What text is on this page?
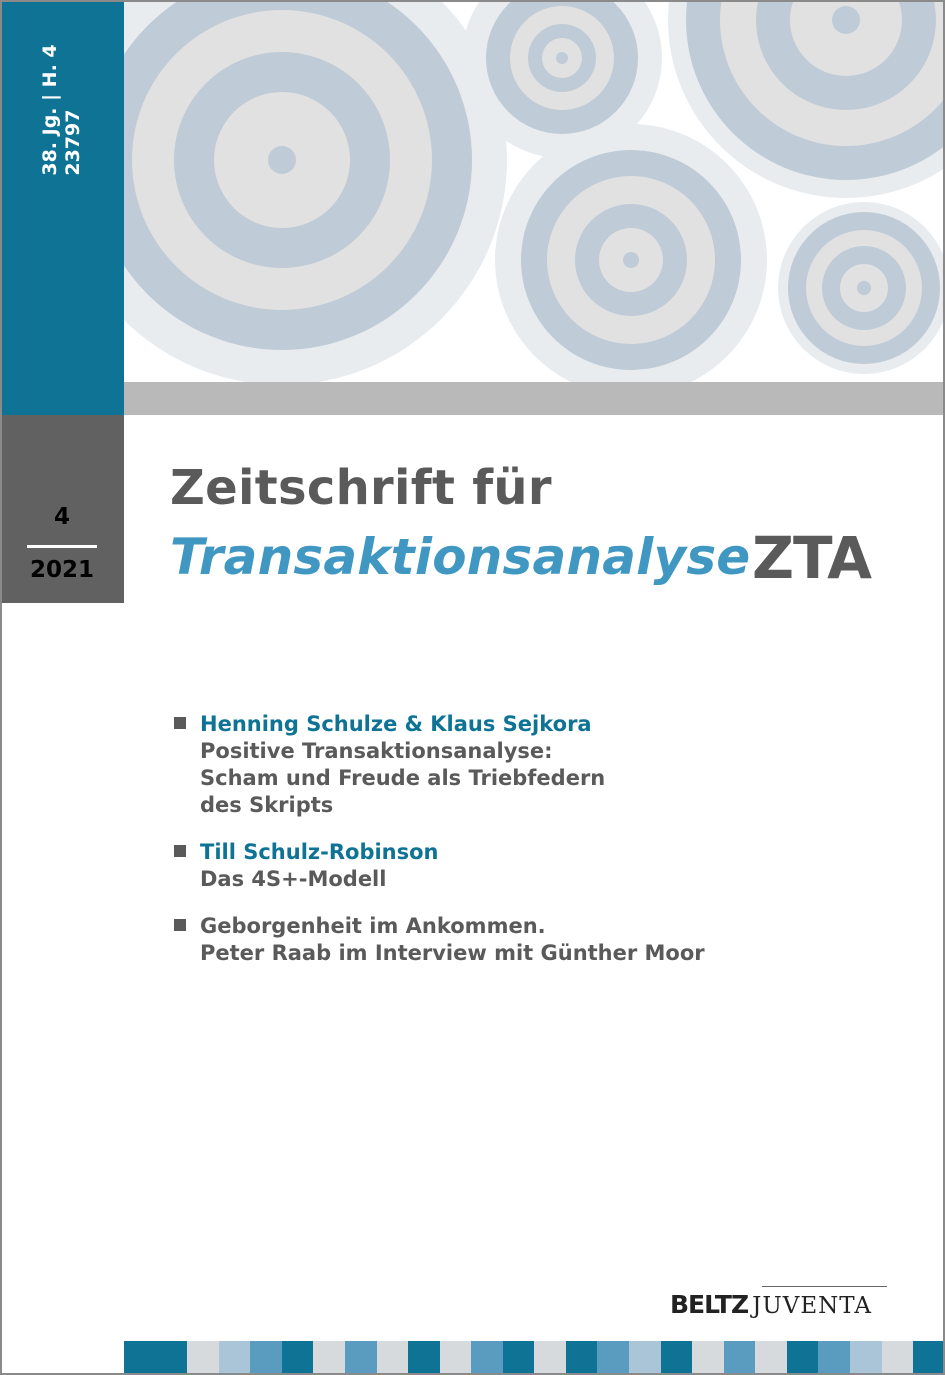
38. Jg. | H. 4 23797
4
2021
Zeitschrift für
Transaktionsanalyse ZTA
Henning Schulze & Klaus Sejkora
Positive Transaktionsanalyse:
Scham und Freude als Triebfedern
des Skripts
Till Schulz-Robinson
Das 4S+-Modell
Geborgenheit im Ankommen.
Peter Raab im Interview mit Günther Moor
BELTZ JUVENTA
